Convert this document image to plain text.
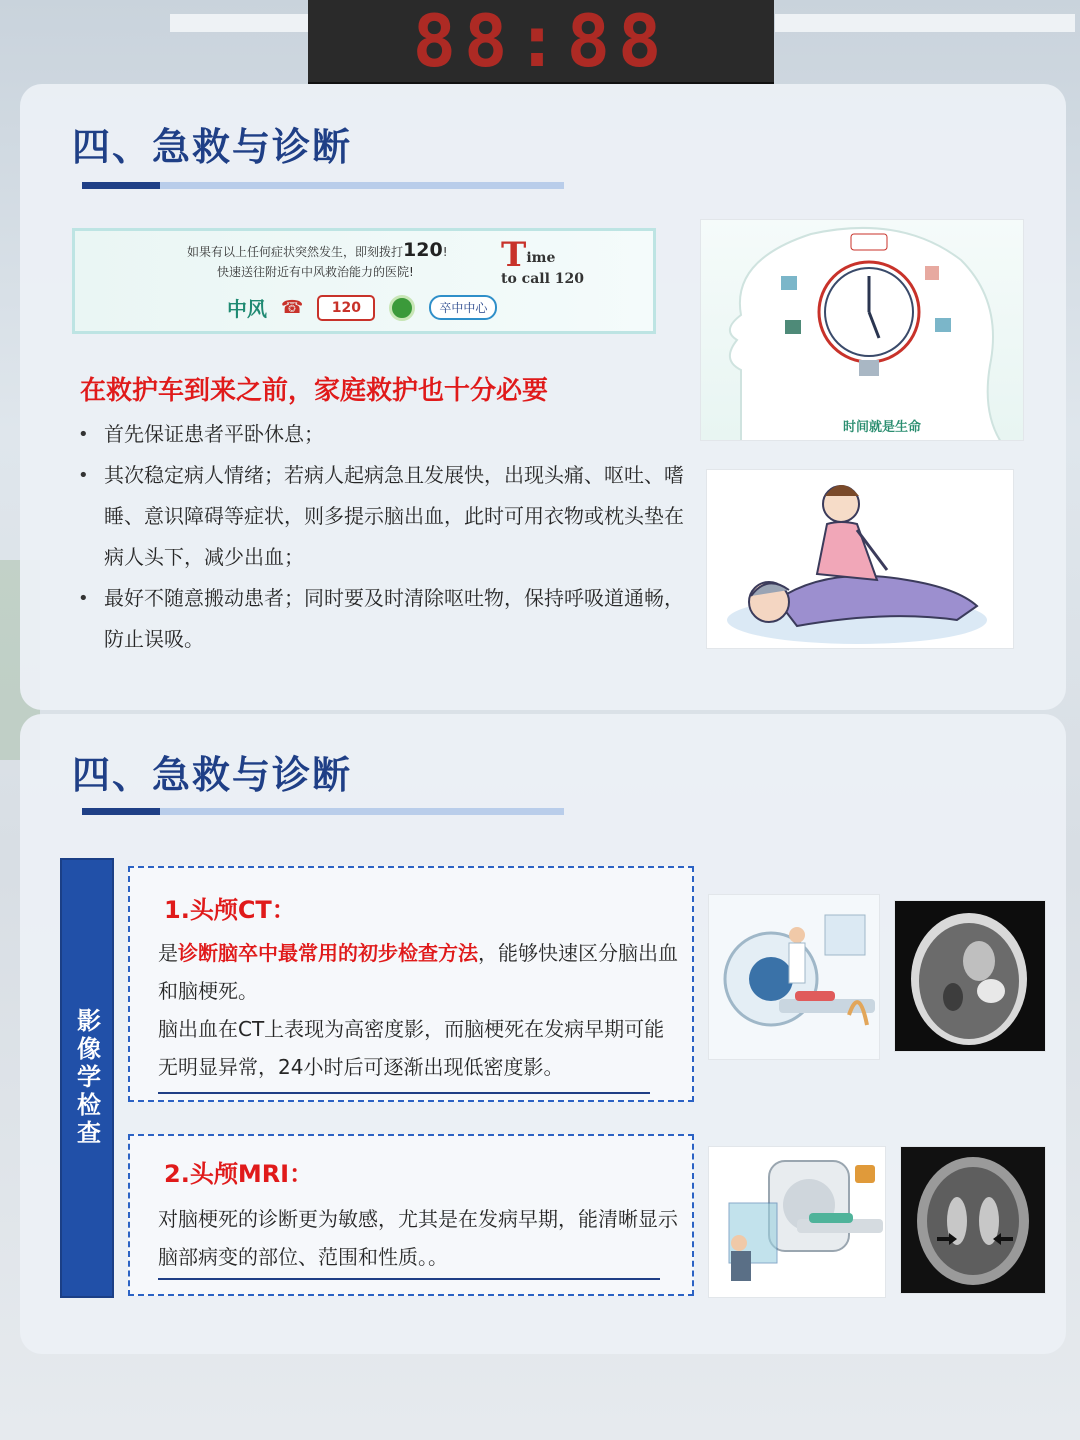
88:88
四、急救与诊断
如果有以上任何症状突然发生，即刻拨打120!
快速送往附近有中风救治能力的医院!	Time
to call 120
中风 ☎	120	卒中中心
时间就是生命
在救护车到来之前，家庭救护也十分必要
• 首先保证患者平卧休息；
• 其次稳定病人情绪；若病人起病急且发展快，出现头痛、呕吐、嗜睡、意识障碍等症状，则多提示脑出血，此时可用衣物或枕头垫在病人头下，减少出血；
• 最好不随意搬动患者；同时要及时清除呕吐物，保持呼吸道通畅，防止误吸。
四、急救与诊断
影像学检查
1.头颅CT：
是诊断脑卒中最常用的初步检查方法，能够快速区分脑出血和脑梗死。
脑出血在CT上表现为高密度影，而脑梗死在发病早期可能无明显异常，24小时后可逐渐出现低密度影。
2.头颅MRI：
对脑梗死的诊断更为敏感，尤其是在发病早期，能清晰显示脑部病变的部位、范围和性质。。
